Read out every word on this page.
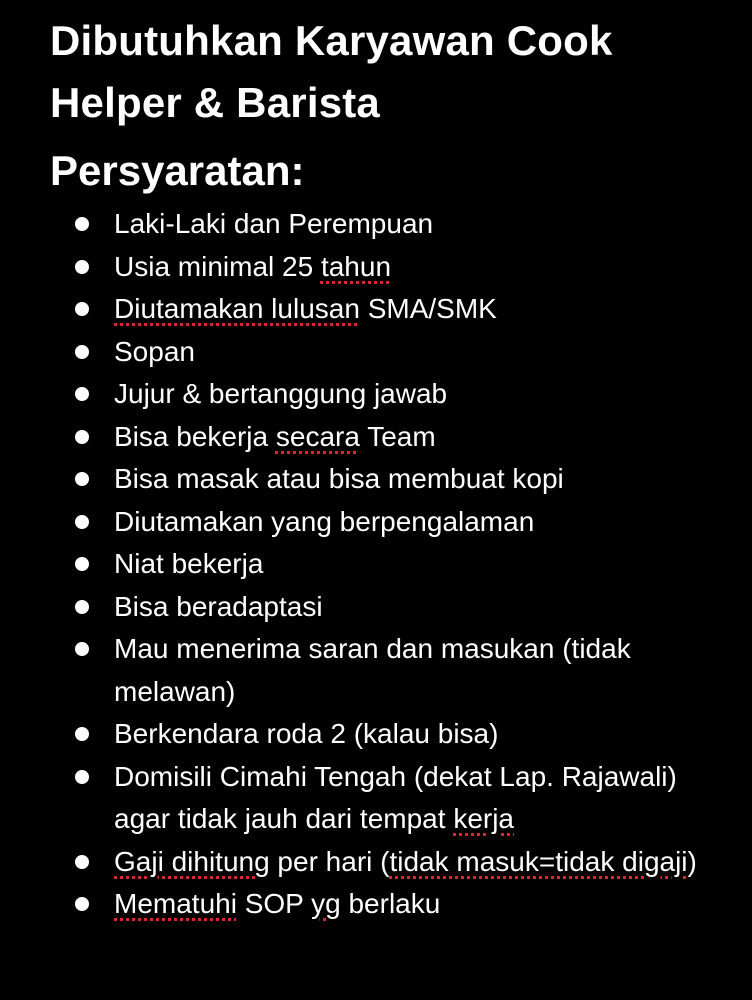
Dibutuhkan Karyawan Cook Helper & Barista
Persyaratan:
Laki-Laki dan Perempuan
Usia minimal 25 tahun
Diutamakan lulusan SMA/SMK
Sopan
Jujur & bertanggung jawab
Bisa bekerja secara Team
Bisa masak atau bisa membuat kopi
Diutamakan yang berpengalaman
Niat bekerja
Bisa beradaptasi
Mau menerima saran dan masukan (tidak melawan)
Berkendara roda 2 (kalau bisa)
Domisili Cimahi Tengah (dekat Lap. Rajawali) agar tidak jauh dari tempat kerja
Gaji dihitung per hari (tidak masuk=tidak digaji)
Mematuhi SOP yg berlaku
